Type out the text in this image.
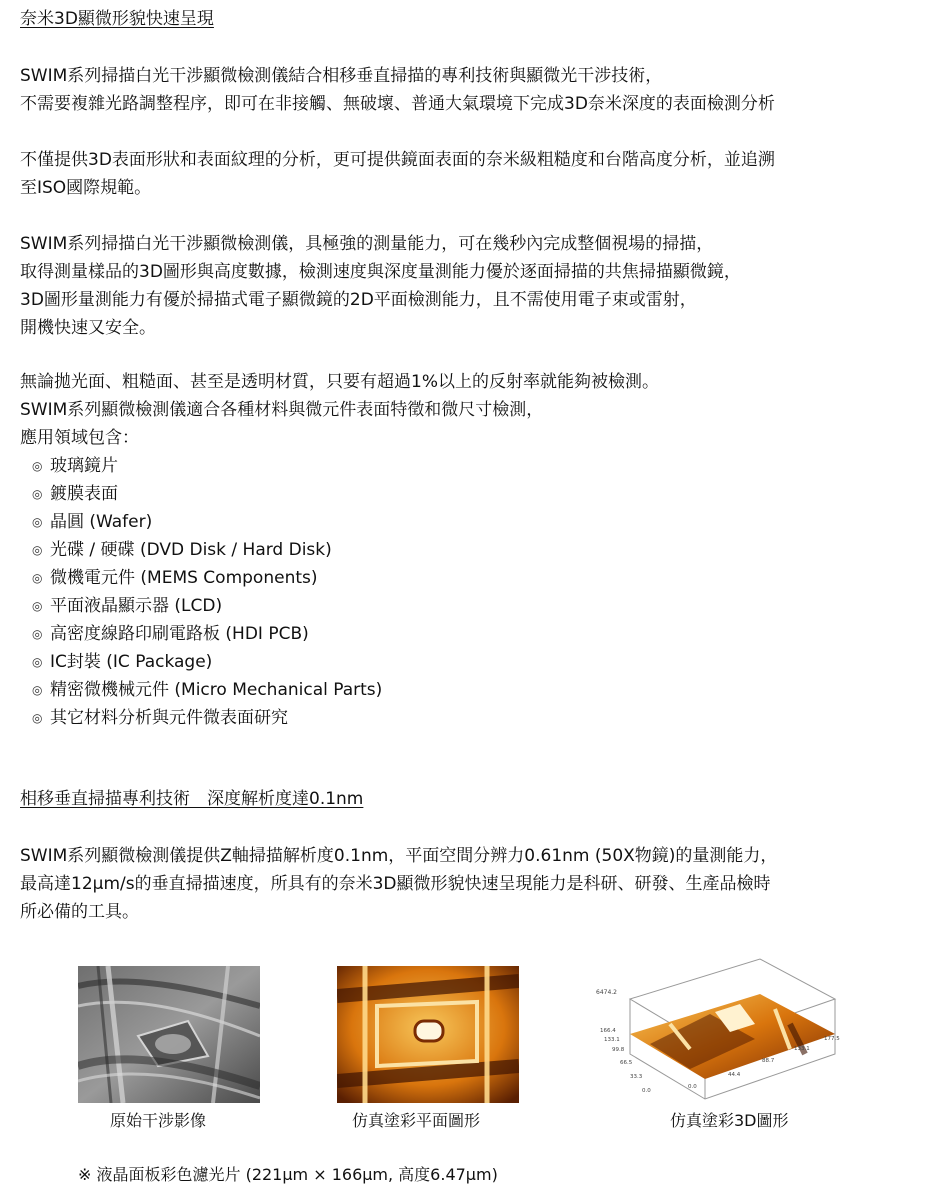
奈米3D顯微形貌快速呈現

SWIM系列掃描白光干涉顯微檢測儀結合相移垂直掃描的專利技術與顯微光干涉技術，
不需要複雜光路調整程序，即可在非接觸、無破壞、普通大氣環境下完成3D奈米深度的表面檢測分析

不僅提供3D表面形狀和表面紋理的分析，更可提供鏡面表面的奈米級粗糙度和台階高度分析，並追溯
至ISO國際規範。

SWIM系列掃描白光干涉顯微檢測儀，具極強的測量能力，可在幾秒內完成整個視場的掃描，
取得測量樣品的3D圖形與高度數據，檢測速度與深度量測能力優於逐面掃描的共焦掃描顯微鏡，
3D圖形量測能力有優於掃描式電子顯微鏡的2D平面檢測能力，且不需使用電子束或雷射，
開機快速又安全。

無論拋光面、粗糙面、甚至是透明材質，只要有超過1%以上的反射率就能夠被檢測。
SWIM系列顯微檢測儀適合各種材料與微元件表面特徵和微尺寸檢測，
應用領域包含：

◎ 玻璃鏡片
◎ 鍍膜表面
◎ 晶圓 (Wafer)
◎ 光碟 / 硬碟 (DVD Disk / Hard Disk)
◎ 微機電元件 (MEMS Components)
◎ 平面液晶顯示器 (LCD)
◎ 高密度線路印刷電路板 (HDI PCB)
◎ IC封裝 (IC Package)
◎ 精密微機械元件 (Micro Mechanical Parts)
◎ 其它材料分析與元件微表面研究
相移垂直掃描專利技術　深度解析度達0.1nm

SWIM系列顯微檢測儀提供Z軸掃描解析度0.1nm，平面空間分辨力0.61nm (50X物鏡)的量測能力，
最高達12μm/s的垂直掃描速度，所具有的奈米3D顯微形貌快速呈現能力是科研、研發、生產品檢時
所必備的工具。

原始干涉影像	仿真塗彩平面圖形
6474.2
166.4
133.1
99.8
66.5
33.3
0.0
0.0
44.4
88.7
133.1
177.5
仿真塗彩3D圖形
※ 液晶面板彩色濾光片 (221μm × 166μm, 高度6.47μm)
